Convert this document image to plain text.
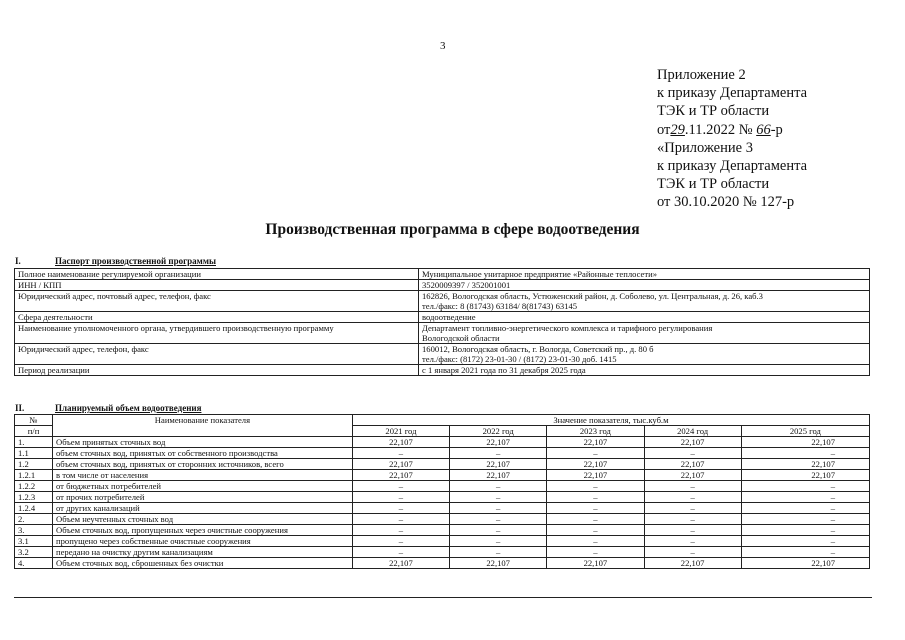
3
Приложение 2
к приказу Департамента
ТЭК и ТР области
от29.11.2022 № 66-р
«Приложение 3
к приказу Департамента
ТЭК и ТР области
от 30.10.2020 № 127-р
Производственная программа в сфере водоотведения
I.	Паспорт производственной программы
Полное наименование регулируемой организации	Муниципальное унитарное предприятие «Районные теплосети»

ИНН / КПП	3520009397 / 352001001

Юридический адрес, почтовый адрес, телефон, факс	162826, Вологодская область, Устюженский район, д. Соболево, ул. Центральная, д. 26, каб.3
тел./факс: 8 (81743) 63184/ 8(81743) 63145

Сфера деятельности	водоотведение

Наименование уполномоченного органа, утвердившего производственную программу	Департамент топливно-энергетического комплекса и тарифного регулирования
Вологодской области

Юридический адрес, телефон, факс	160012, Вологодская область, г. Вологда, Советский пр., д. 80 б
тел./факс: (8172) 23-01-30 / (8172) 23-01-30 доб. 1415

Период реализации	с 1 января 2021 года по 31 декабря 2025 года
II.	Планируемый объем водоотведения
№	Наименование показателя	Значение показателя, тыс.куб.м				
п/п		2021 год	2022 год	2023 год	2024 год	2025 год
1.	Объем принятых сточных вод	22,107	22,107	22,107	22,107	22,107
1.1	объем сточных вод, принятых от собственного производства	–	–	–	–	–
1.2	объем сточных вод, принятых от сторонних источников, всего	22,107	22,107	22,107	22,107	22,107
1.2.1	в том числе от населения	22,107	22,107	22,107	22,107	22,107
1.2.2	от бюджетных потребителей	–	–	–	–	–
1.2.3	от прочих потребителей	–	–	–	–	–
1.2.4	от других канализаций	–	–	–	–	–
2.	Объем неучтенных сточных вод	–	–	–	–	–
3.	Объем сточных вод, пропущенных через очистные сооружения	–	–	–	–	–
3.1	пропущено через собственные очистные сооружения	–	–	–	–	–
3.2	передано на очистку другим канализациям	–	–	–	–	–
4.	Объем сточных вод, сброшенных без очистки	22,107	22,107	22,107	22,107	22,107
